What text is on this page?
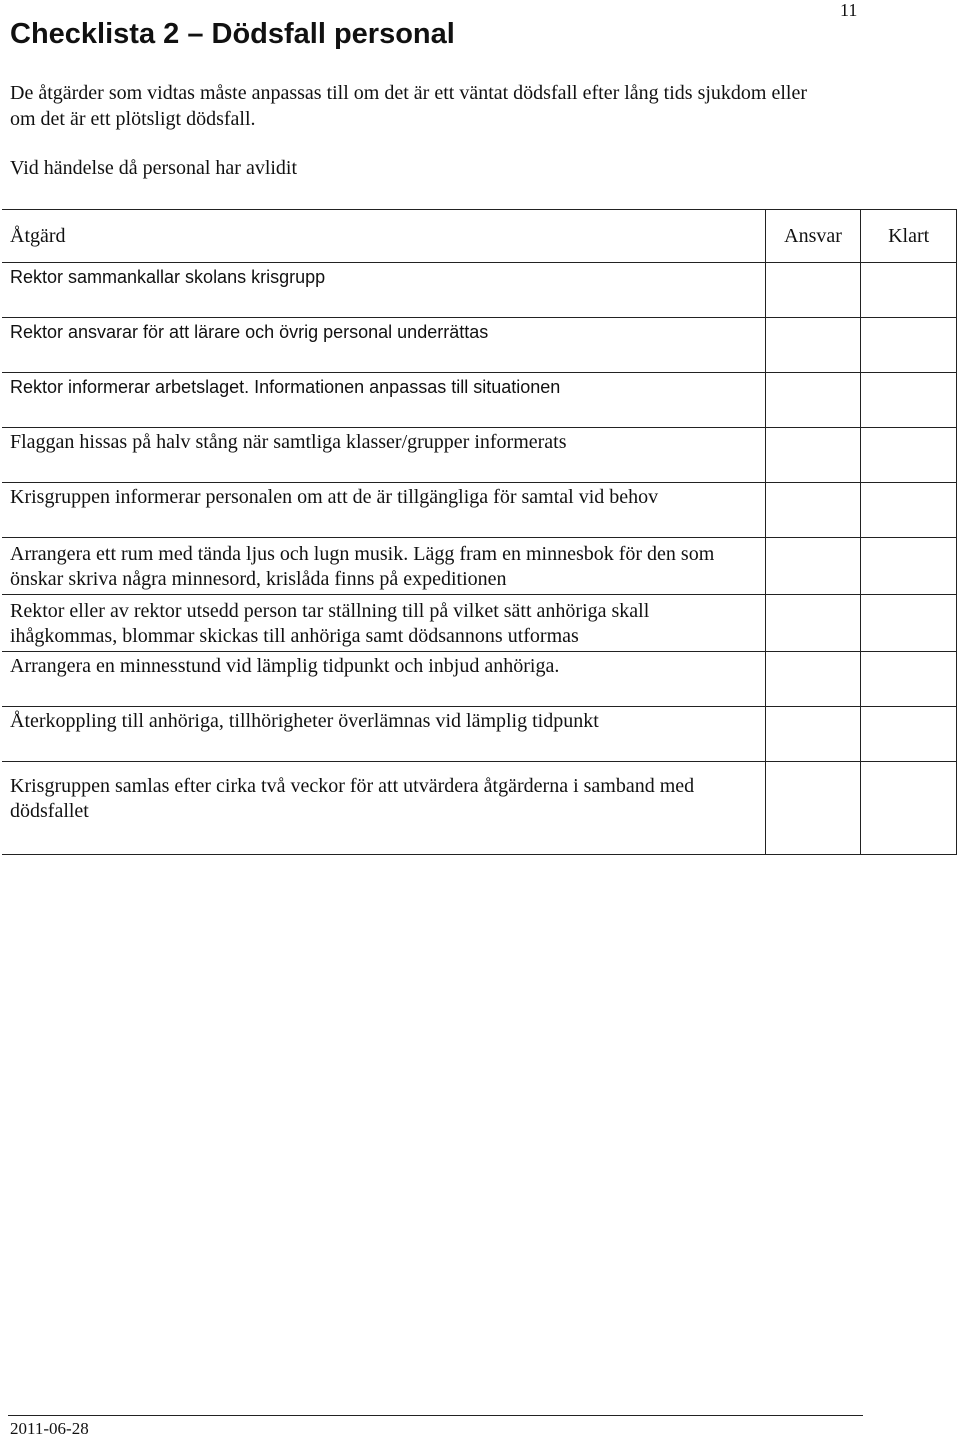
11
Checklista 2 – Dödsfall personal

De åtgärder som vidtas måste anpassas till om det är ett väntat dödsfall efter lång tids sjukdom eller om det är ett plötsligt dödsfall.

Vid händelse då personal har avlidit

Åtgärd	Ansvar	Klart
Rektor sammankallar skolans krisgrupp		
Rektor ansvarar för att lärare och övrig personal underrättas		
Rektor informerar arbetslaget. Informationen anpassas till situationen		
Flaggan hissas på halv stång när samtliga klasser/grupper informerats		
Krisgruppen informerar personalen om att de är tillgängliga för samtal vid behov		
Arrangera ett rum med tända ljus och lugn musik. Lägg fram en minnesbok för den som önskar skriva några minnesord, krislåda finns på expeditionen		
Rektor eller av rektor utsedd person tar ställning till på vilket sätt anhöriga skall ihågkommas, blommar skickas till anhöriga samt dödsannons utformas		
Arrangera en minnesstund vid lämplig tidpunkt och inbjud anhöriga.		
Återkoppling till anhöriga, tillhörigheter överlämnas vid lämplig tidpunkt		
Krisgruppen samlas efter cirka två veckor för att utvärdera åtgärderna i samband med dödsfallet		
2011-06-28
